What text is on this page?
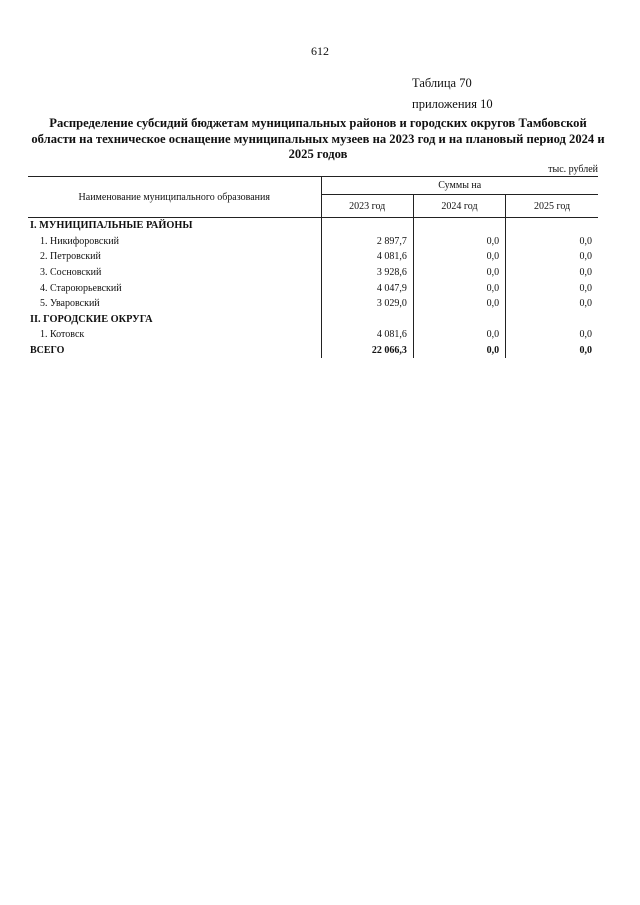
612
Таблица 70
приложения 10
Распределение субсидий бюджетам муниципальных районов и городских округов Тамбовской области на техническое оснащение муниципальных музеев на 2023 год и на плановый период 2024 и 2025 годов
тыс. рублей
Наименование муниципального образования	Суммы на		
	2023 год	2024 год	2025 год
I. МУНИЦИПАЛЬНЫЕ РАЙОНЫ			
1. Никифоровский	2 897,7	0,0	0,0
2. Петровский	4 081,6	0,0	0,0
3. Сосновский	3 928,6	0,0	0,0
4. Староюрьевский	4 047,9	0,0	0,0
5. Уваровский	3 029,0	0,0	0,0
II. ГОРОДСКИЕ ОКРУГА			
1. Котовск	4 081,6	0,0	0,0
ВСЕГО	22 066,3	0,0	0,0
